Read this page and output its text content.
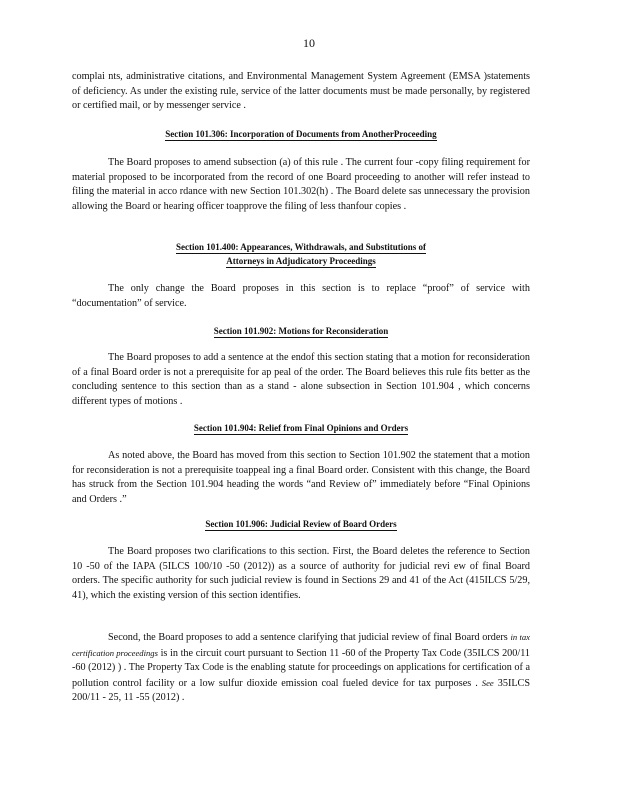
10

complai nts, administrative citations, and Environmental Management System Agreement (EMSA )statements of deficiency. As under the existing rule, service of the latter documents must be made personally, by registered or certified mail, or by messenger service .

Section 101.306: Incorporation of Documents from AnotherProceeding

The Board proposes to amend subsection (a) of this rule . The current four -copy filing requirement for material proposed to be incorporated from the record of one Board proceeding to another will refer instead to filing the material in acco rdance with new Section 101.302(h) . The Board delete sas unnecessary the provision allowing the Board or hearing officer toapprove the filing of less thanfour copies .

Section 101.400: Appearances, Withdrawals, and Substitutions of
Attorneys in Adjudicatory Proceedings

The only change the Board proposes in this section is to replace “proof” of service with “documentation” of service.

Section 101.902: Motions for Reconsideration

The Board proposes to add a sentence at the endof this section stating that a motion for reconsideration of a final Board order is not a prerequisite for ap peal of the order. The Board believes this rule fits better as the concluding sentence to this section than as a stand - alone subsection in Section 101.904 , which concerns different types of motions .

Section 101.904: Relief from Final Opinions and Orders

As noted above, the Board has moved from this section to Section 101.902 the statement that a motion for reconsideration is not a prerequisite toappeal ing a final Board order. Consistent with this change, the Board has struck from the Section 101.904 heading the words “and Review of” immediately before “Final Opinions and Orders .”

Section 101.906: Judicial Review of Board Orders

The Board proposes two clarifications to this section. First, the Board deletes the reference to Section 10 -50 of the IAPA (5ILCS 100/10 -50 (2012)) as a source of authority for judicial revi ew of final Board orders. The specific authority for such judicial review is found in Sections 29 and 41 of the Act (415ILCS 5/29, 41), which the existing version of this section identifies.

Second, the Board proposes to add a sentence clarifying that judicial review of final Board orders in tax certification proceedings is in the circuit court pursuant to Section 11 -60 of the Property Tax Code (35ILCS 200/11 -60 (2012) ) . The Property Tax Code is the enabling statute for proceedings on applications for certification of a pollution control facility or a low sulfur dioxide emission coal fueled device for tax purposes . See 35ILCS 200/11 - 25, 11 -55 (2012) .
